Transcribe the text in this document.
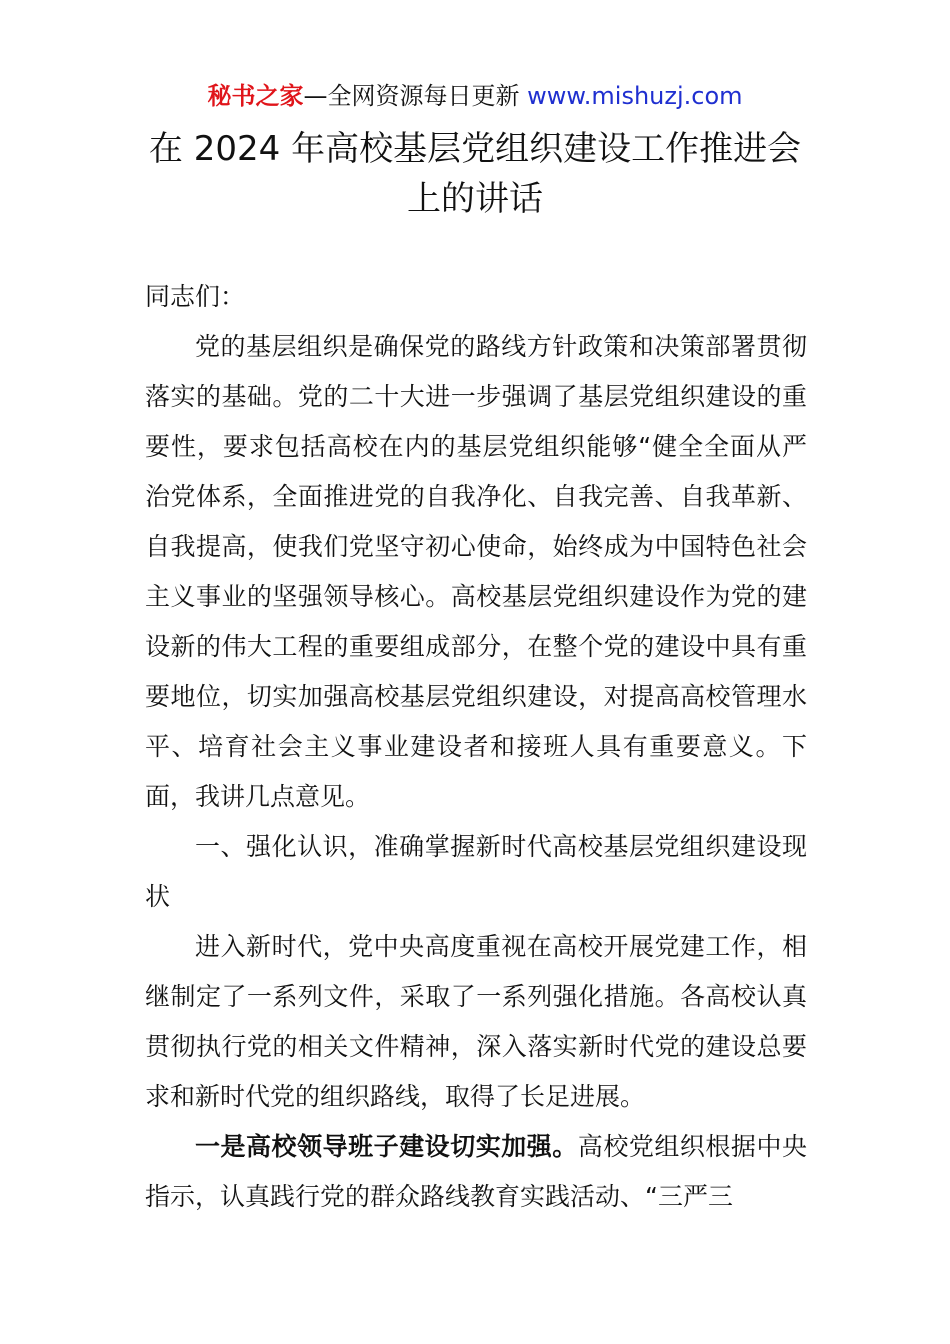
秘书之家—全网资源每日更新 www.mishuzj.com
在 2024 年高校基层党组织建设工作推进会
上的讲话

同志们：

党的基层组织是确保党的路线方针政策和决策部署贯彻落实的基础。党的二十大进一步强调了基层党组织建设的重要性，要求包括高校在内的基层党组织能够“健全全面从严治党体系，全面推进党的自我净化、自我完善、自我革新、自我提高，使我们党坚守初心使命，始终成为中国特色社会主义事业的坚强领导核心。高校基层党组织建设作为党的建设新的伟大工程的重要组成部分，在整个党的建设中具有重要地位，切实加强高校基层党组织建设，对提高高校管理水平、培育社会主义事业建设者和接班人具有重要意义。下面，我讲几点意见。

一、强化认识，准确掌握新时代高校基层党组织建设现状

进入新时代，党中央高度重视在高校开展党建工作，相继制定了一系列文件，采取了一系列强化措施。各高校认真贯彻执行党的相关文件精神，深入落实新时代党的建设总要求和新时代党的组织路线，取得了长足进展。

一是高校领导班子建设切实加强。高校党组织根据中央指示，认真践行党的群众路线教育实践活动、“三严三
